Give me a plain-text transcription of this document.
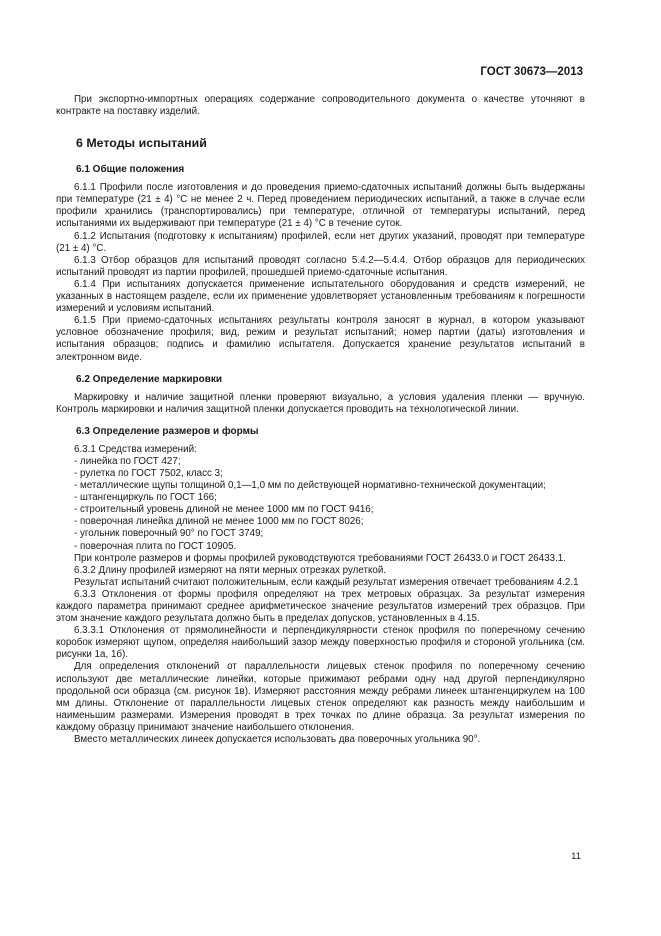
ГОСТ 30673—2013

При экспортно-импортных операциях содержание сопроводительного документа о качестве уточняют в контракте на поставку изделий.

6 Методы испытаний
6.1 Общие положения

6.1.1 Профили после изготовления и до проведения приемо-сдаточных испытаний должны быть выдержаны при температуре (21 ± 4) °С не менее 2 ч. Перед проведением периодических испытаний, а также в случае если профили хранились (транспортировались) при температуре, отличной от температуры испытаний, перед испытаниями их выдерживают при температуре (21 ± 4) °С в течение суток.

6.1.2 Испытания (подготовку к испытаниям) профилей, если нет других указаний, проводят при температуре (21 ± 4) °С.

6.1.3 Отбор образцов для испытаний проводят согласно 5.4.2—5.4.4. Отбор образцов для периодических испытаний проводят из партии профилей, прошедшей приемо-сдаточные испытания.

6.1.4 При испытаниях допускается применение испытательного оборудования и средств измерений, не указанных в настоящем разделе, если их применение удовлетворяет установленным требованиям к погрешности измерений и условиям испытаний.

6.1.5 При приемо-сдаточных испытаниях результаты контроля заносят в журнал, в котором указывают условное обозначение профиля; вид, режим и результат испытаний; номер партии (даты) изготовления и испытания образцов; подпись и фамилию испытателя. Допускается хранение результатов испытаний в электронном виде.

6.2 Определение маркировки

Маркировку и наличие защитной пленки проверяют визуально, а условия удаления пленки — вручную. Контроль маркировки и наличия защитной пленки допускается проводить на технологической линии.

6.3 Определение размеров и формы

6.3.1 Средства измерений:

- линейка по ГОСТ 427;

- рулетка по ГОСТ 7502, класс 3;

- металлические щупы толщиной 0,1—1,0 мм по действующей нормативно-технической документации;

- штангенциркуль по ГОСТ 166;

- строительный уровень длиной не менее 1000 мм по ГОСТ 9416;

- поверочная линейка длиной не менее 1000 мм по ГОСТ 8026;

- угольник поверочный 90° по ГОСТ 3749;

- поверочная плита по ГОСТ 10905.

При контроле размеров и формы профилей руководствуются требованиями ГОСТ 26433.0 и ГОСТ 26433.1.

6.3.2 Длину профилей измеряют на пяти мерных отрезках рулеткой.

Результат испытаний считают положительным, если каждый результат измерения отвечает требованиям 4.2.1

6.3.3 Отклонения от формы профиля определяют на трех метровых образцах. За результат измерения каждого параметра принимают среднее арифметическое значение результатов измерений трех образцов. При этом значение каждого результата должно быть в пределах допусков, установленных в 4.15.

6.3.3.1 Отклонения от прямолинейности и перпендикулярности стенок профиля по поперечному сечению коробок измеряют щупом, определяя наибольший зазор между поверхностью профиля и стороной угольника (см. рисунки 1а, 1б).

Для определения отклонений от параллельности лицевых стенок профиля по поперечному сечению используют две металлические линейки, которые прижимают ребрами одну над другой перпендикулярно продольной оси образца (см. рисунок 1в). Измеряют расстояния между ребрами линеек штангенциркулем на 100 мм длины. Отклонение от параллельности лицевых стенок определяют как разность между наибольшим и наименьшим размерами. Измерения проводят в трех точках по длине образца. За результат измерения по каждому образцу принимают значение наибольшего отклонения.

Вместо металлических линеек допускается использовать два поверочных угольника 90°.

11
